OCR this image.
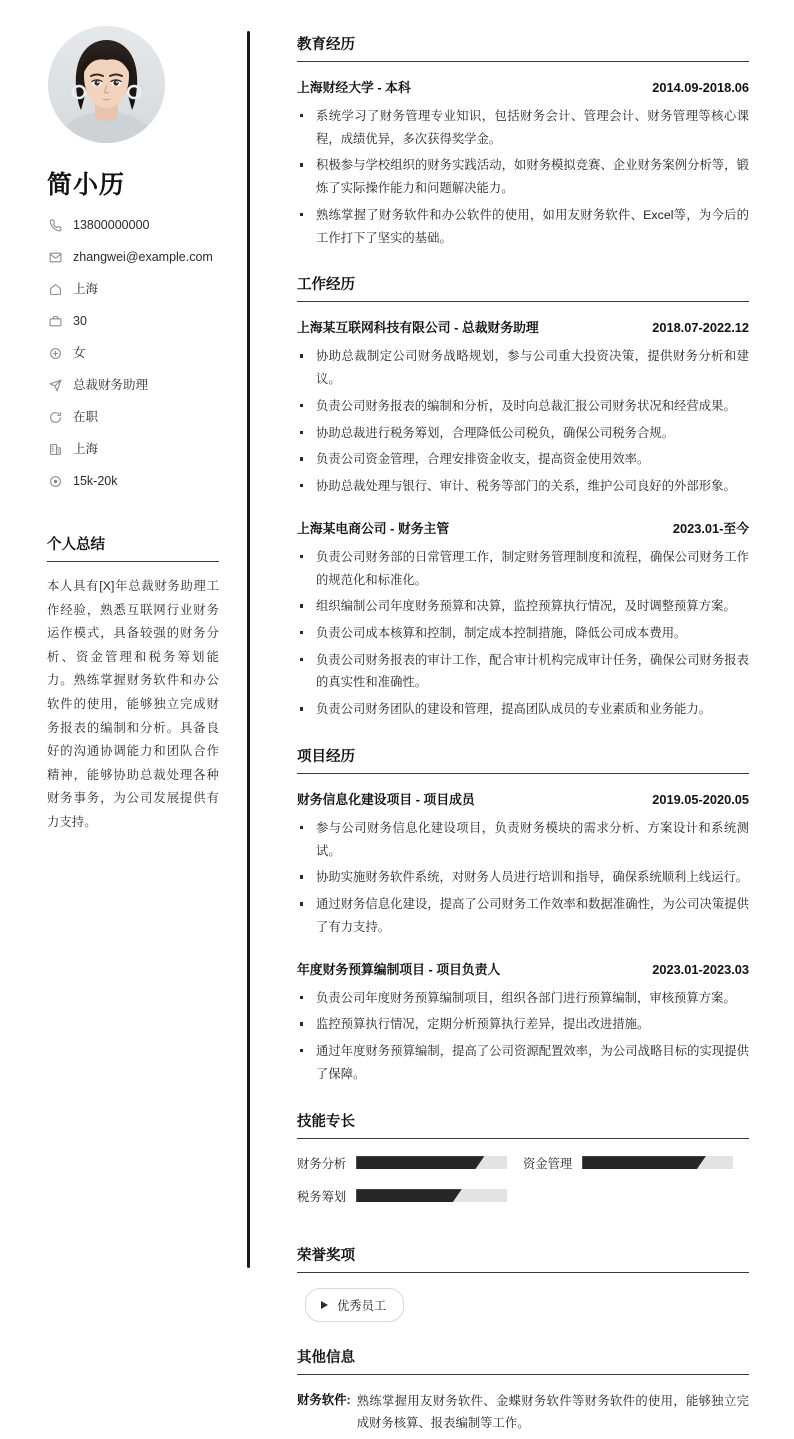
简小历
13800000000
zhangwei@example.com
上海
30
女
总裁财务助理
在职
上海
15k-20k
个人总结
本人具有[X]年总裁财务助理工作经验，熟悉互联网行业财务运作模式，具备较强的财务分析、资金管理和税务筹划能力。熟练掌握财务软件和办公软件的使用，能够独立完成财务报表的编制和分析。具备良好的沟通协调能力和团队合作精神，能够协助总裁处理各种财务事务，为公司发展提供有力支持。
教育经历
上海财经大学 - 本科	2014.09-2018.06
系统学习了财务管理专业知识，包括财务会计、管理会计、财务管理等核心课程，成绩优异，多次获得奖学金。
积极参与学校组织的财务实践活动，如财务模拟竞赛、企业财务案例分析等，锻炼了实际操作能力和问题解决能力。
熟练掌握了财务软件和办公软件的使用，如用友财务软件、Excel等，为今后的工作打下了坚实的基础。
工作经历
上海某互联网科技有限公司 - 总裁财务助理	2018.07-2022.12
协助总裁制定公司财务战略规划，参与公司重大投资决策，提供财务分析和建议。
负责公司财务报表的编制和分析，及时向总裁汇报公司财务状况和经营成果。
协助总裁进行税务筹划，合理降低公司税负，确保公司税务合规。
负责公司资金管理，合理安排资金收支，提高资金使用效率。
协助总裁处理与银行、审计、税务等部门的关系，维护公司良好的外部形象。
上海某电商公司 - 财务主管	2023.01-至今
负责公司财务部的日常管理工作，制定财务管理制度和流程，确保公司财务工作的规范化和标准化。
组织编制公司年度财务预算和决算，监控预算执行情况，及时调整预算方案。
负责公司成本核算和控制，制定成本控制措施，降低公司成本费用。
负责公司财务报表的审计工作，配合审计机构完成审计任务，确保公司财务报表的真实性和准确性。
负责公司财务团队的建设和管理，提高团队成员的专业素质和业务能力。
项目经历
财务信息化建设项目 - 项目成员	2019.05-2020.05
参与公司财务信息化建设项目，负责财务模块的需求分析、方案设计和系统测试。
协助实施财务软件系统，对财务人员进行培训和指导，确保系统顺利上线运行。
通过财务信息化建设，提高了公司财务工作效率和数据准确性，为公司决策提供了有力支持。
年度财务预算编制项目 - 项目负责人	2023.01-2023.03
负责公司年度财务预算编制项目，组织各部门进行预算编制，审核预算方案。
监控预算执行情况，定期分析预算执行差异，提出改进措施。
通过年度财务预算编制，提高了公司资源配置效率，为公司战略目标的实现提供了保障。
技能专长
财务分析	资金管理
税务筹划
荣誉奖项
优秀员工
其他信息
财务软件: 熟练掌握用友财务软件、金蝶财务软件等财务软件的使用，能够独立完成财务核算、报表编制等工作。
